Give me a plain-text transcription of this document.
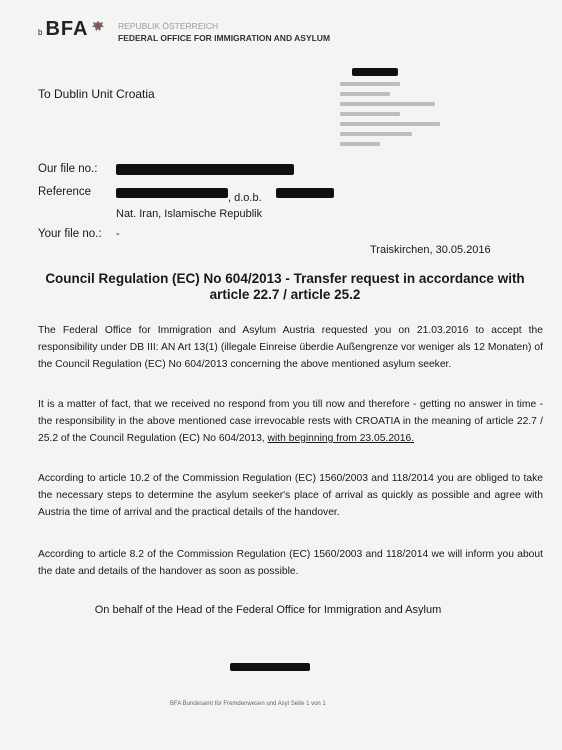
b BFA	REPUBLIK ÖSTERREICH
FEDERAL OFFICE FOR IMMIGRATION AND ASYLUM
To Dublin Unit Croatia
Our file no.:
Reference	, d.o.b.
Nat. Iran, Islamische Republik
Your file no.: -
Traiskirchen, 30.05.2016
Council Regulation (EC) No 604/2013 - Transfer request in accordance with
article 22.7 / article 25.2
The Federal Office for Immigration and Asylum Austria requested you on 21.03.2016 to accept the responsibility under DB III: AN Art 13(1) (illegale Einreise überdie Außengrenze vor weniger als 12 Monaten) of the Council Regulation (EC) No 604/2013 concerning the above mentioned asylum seeker.
It is a matter of fact, that we received no respond from you till now and therefore - getting no answer in time - the responsibility in the above mentioned case irrevocable rests with CROATIA in the meaning of article 22.7 / 25.2 of the Council Regulation (EC) No 604/2013, with beginning from 23.05.2016.
According to article 10.2 of the Commission Regulation (EC) 1560/2003 and 118/2014 you are obliged to take the necessary steps to determine the asylum seeker's place of arrival as quickly as possible and agree with Austria the time of arrival and the practical details of the handover.
According to article 8.2 of the Commission Regulation (EC) 1560/2003 and 118/2014 we will inform you about the date and details of the handover as soon as possible.
On behalf of the Head of the Federal Office for Immigration and Asylum
BFA Bundesamt für Fremdenwesen und Asyl Seite 1 von 1
